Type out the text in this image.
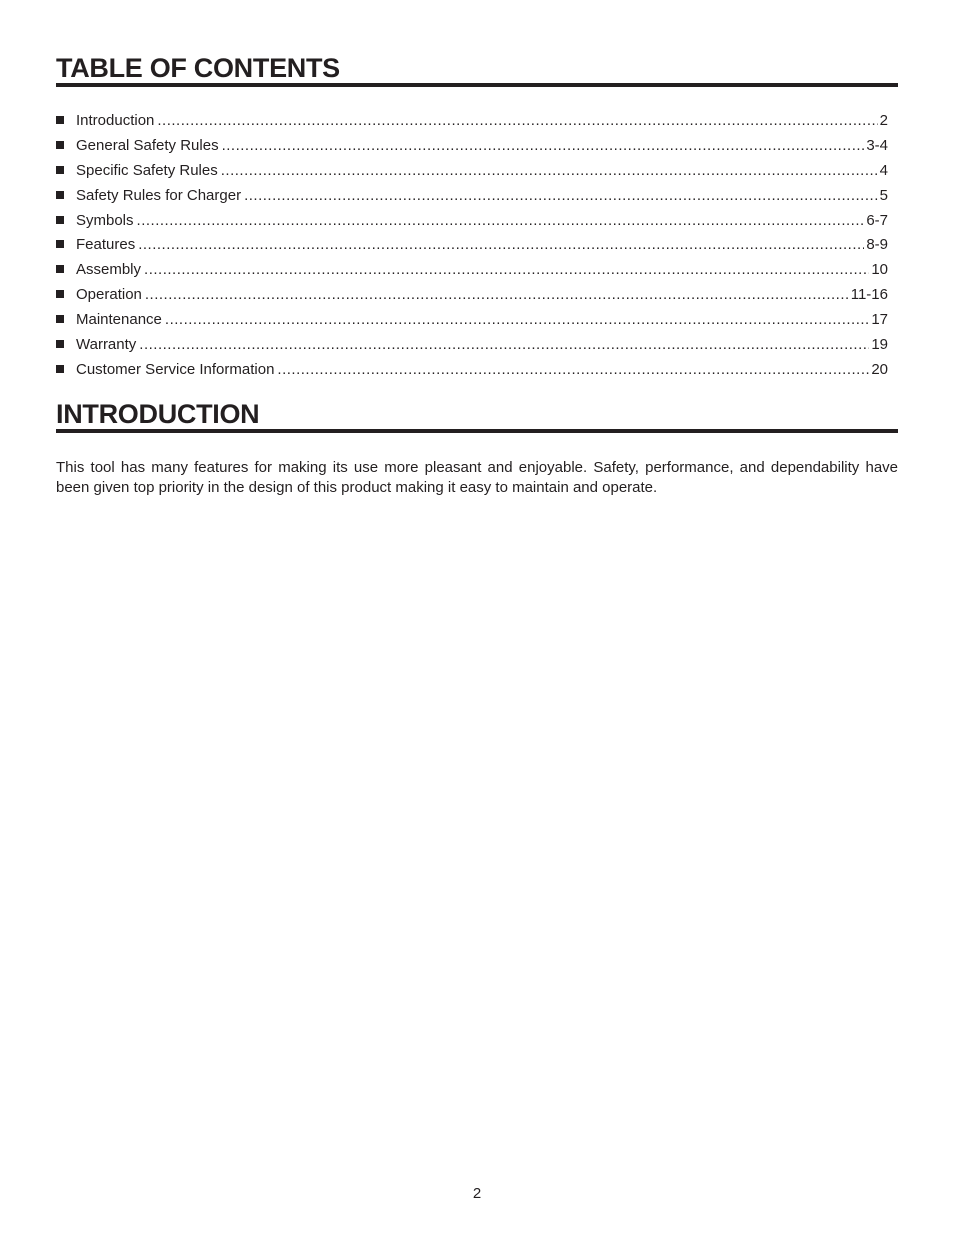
TABLE OF CONTENTS
Introduction .....	2
General Safety Rules .....	3-4
Specific Safety Rules .....	4
Safety Rules for Charger .....	5
Symbols .....	6-7
Features .....	8-9
Assembly .....	10
Operation .....	11-16
Maintenance .....	17
Warranty .....	19
Customer Service Information .....	20
INTRODUCTION

This tool has many features for making its use more pleasant and enjoyable. Safety, performance, and dependability have been given top priority in the design of this product making it easy to maintain and operate.

2
